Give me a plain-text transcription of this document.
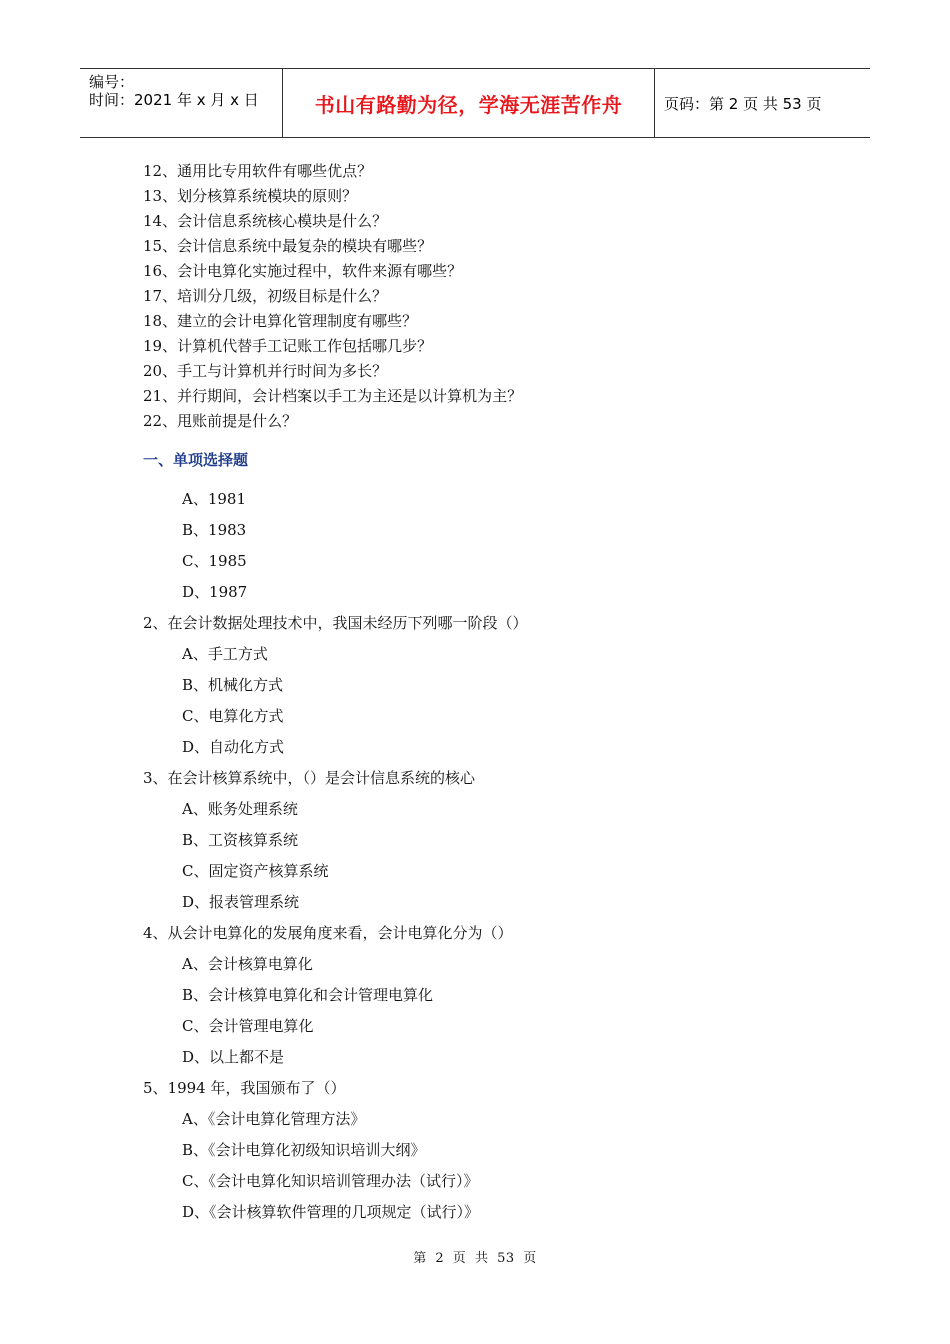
编号：
时间：2021 年 x 月 x 日	书山有路勤为径，学海无涯苦作舟	页码：第 2 页 共 53 页
12、通用比专用软件有哪些优点？
13、划分核算系统模块的原则？
14、会计信息系统核心模块是什么？
15、会计信息系统中最复杂的模块有哪些？
16、会计电算化实施过程中，软件来源有哪些？
17、培训分几级，初级目标是什么？
18、建立的会计电算化管理制度有哪些？
19、计算机代替手工记账工作包括哪几步？
20、手工与计算机并行时间为多长？
21、并行期间，会计档案以手工为主还是以计算机为主？
22、甩账前提是什么？
一、单项选择题
A、1981
B、1983
C、1985
D、1987
2、在会计数据处理技术中，我国未经历下列哪一阶段（）
A、手工方式
B、机械化方式
C、电算化方式
D、自动化方式
3、在会计核算系统中，（）是会计信息系统的核心
A、账务处理系统
B、工资核算系统
C、固定资产核算系统
D、报表管理系统
4、从会计电算化的发展角度来看，会计电算化分为（）
A、会计核算电算化
B、会计核算电算化和会计管理电算化
C、会计管理电算化
D、以上都不是
5、1994 年，我国颁布了（）
A、《会计电算化管理方法》
B、《会计电算化初级知识培训大纲》
C、《会计电算化知识培训管理办法（试行）》
D、《会计核算软件管理的几项规定（试行）》
第 2 页 共 53 页
